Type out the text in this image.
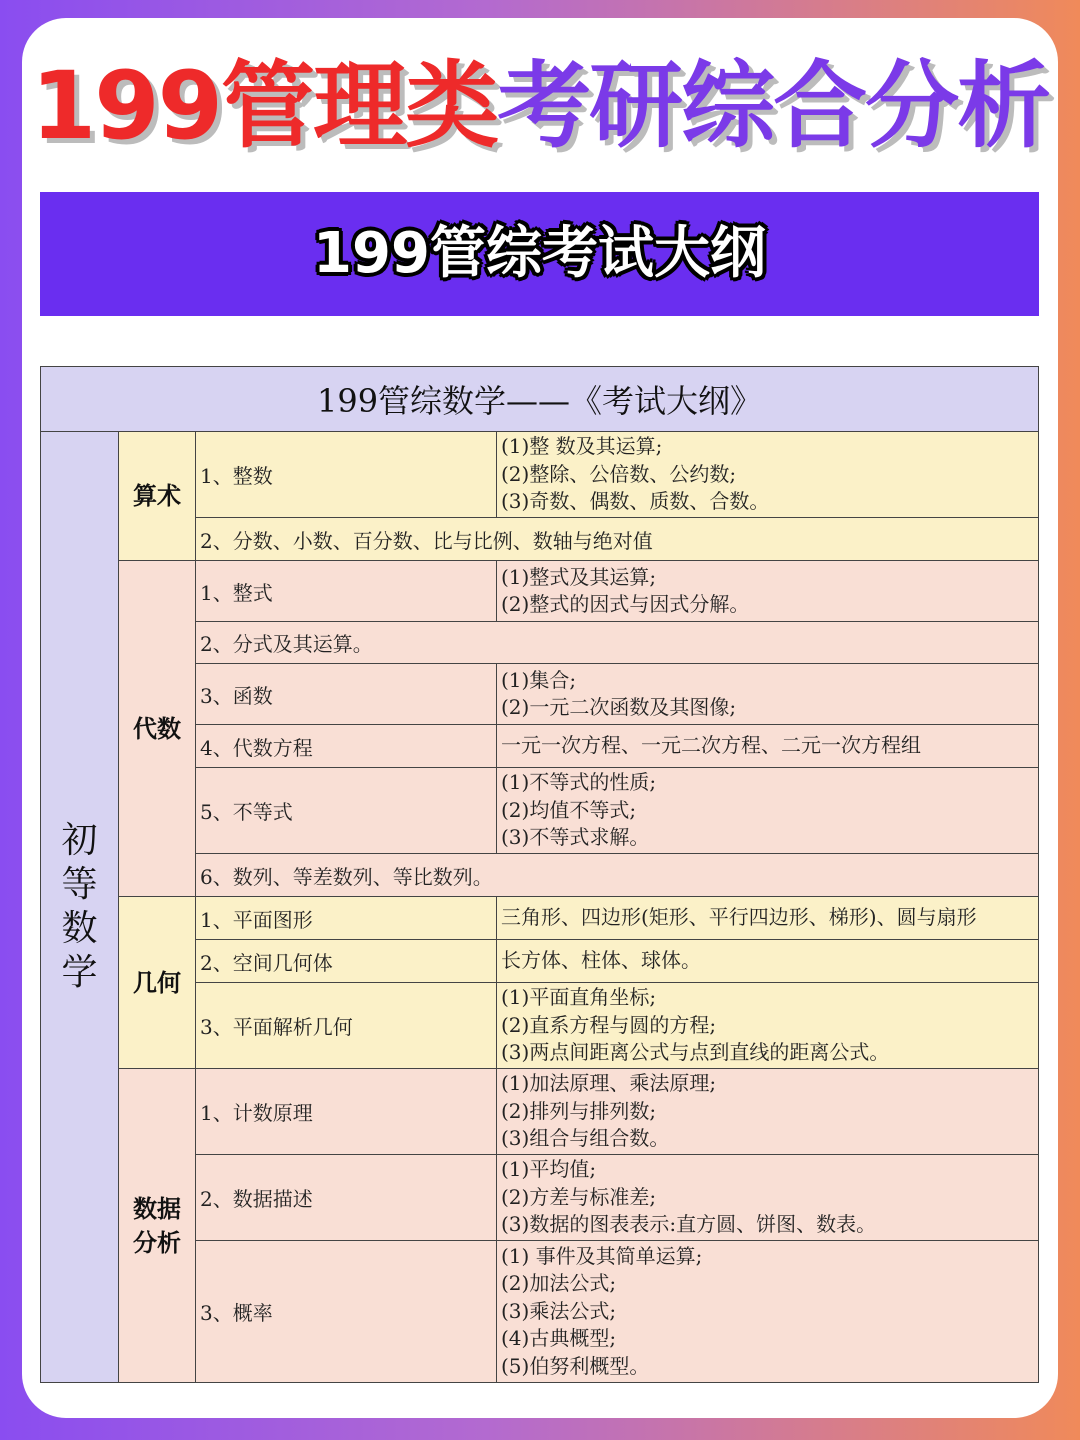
199管理类考研综合分析
199管综考试大纲
199管综数学——《考试大纲》			
初等数学	算术	1、整数	(1)整 数及其运算;
(2)整除、公倍数、公约数;
(3)奇数、偶数、质数、合数。

		2、分数、小数、百分数、比与比例、数轴与绝对值	
	代数	1、整式	(1)整式及其运算;
(2)整式的因式与因式分解。

		2、分式及其运算。	
		3、函数	(1)集合;
(2)一元二次函数及其图像;

		4、代数方程	一元一次方程、一元二次方程、二元一次方程组

		5、不等式	(1)不等式的性质;
(2)均值不等式;
(3)不等式求解。

		6、数列、等差数列、等比数列。	
	几何	1、平面图形	三角形、四边形(矩形、平行四边形、梯形)、圆与扇形

		2、空间几何体	长方体、柱体、球体。

		3、平面解析几何	(1)平面直角坐标;
(2)直系方程与圆的方程;
(3)两点间距离公式与点到直线的距离公式。

	数据分析	1、计数原理	(1)加法原理、乘法原理;
(2)排列与排列数;
(3)组合与组合数。

		2、数据描述	(1)平均值;
(2)方差与标准差;
(3)数据的图表表示:直方圆、饼图、数表。

		3、概率	(1) 事件及其简单运算;
(2)加法公式;
(3)乘法公式;
(4)古典概型;
(5)伯努利概型。
